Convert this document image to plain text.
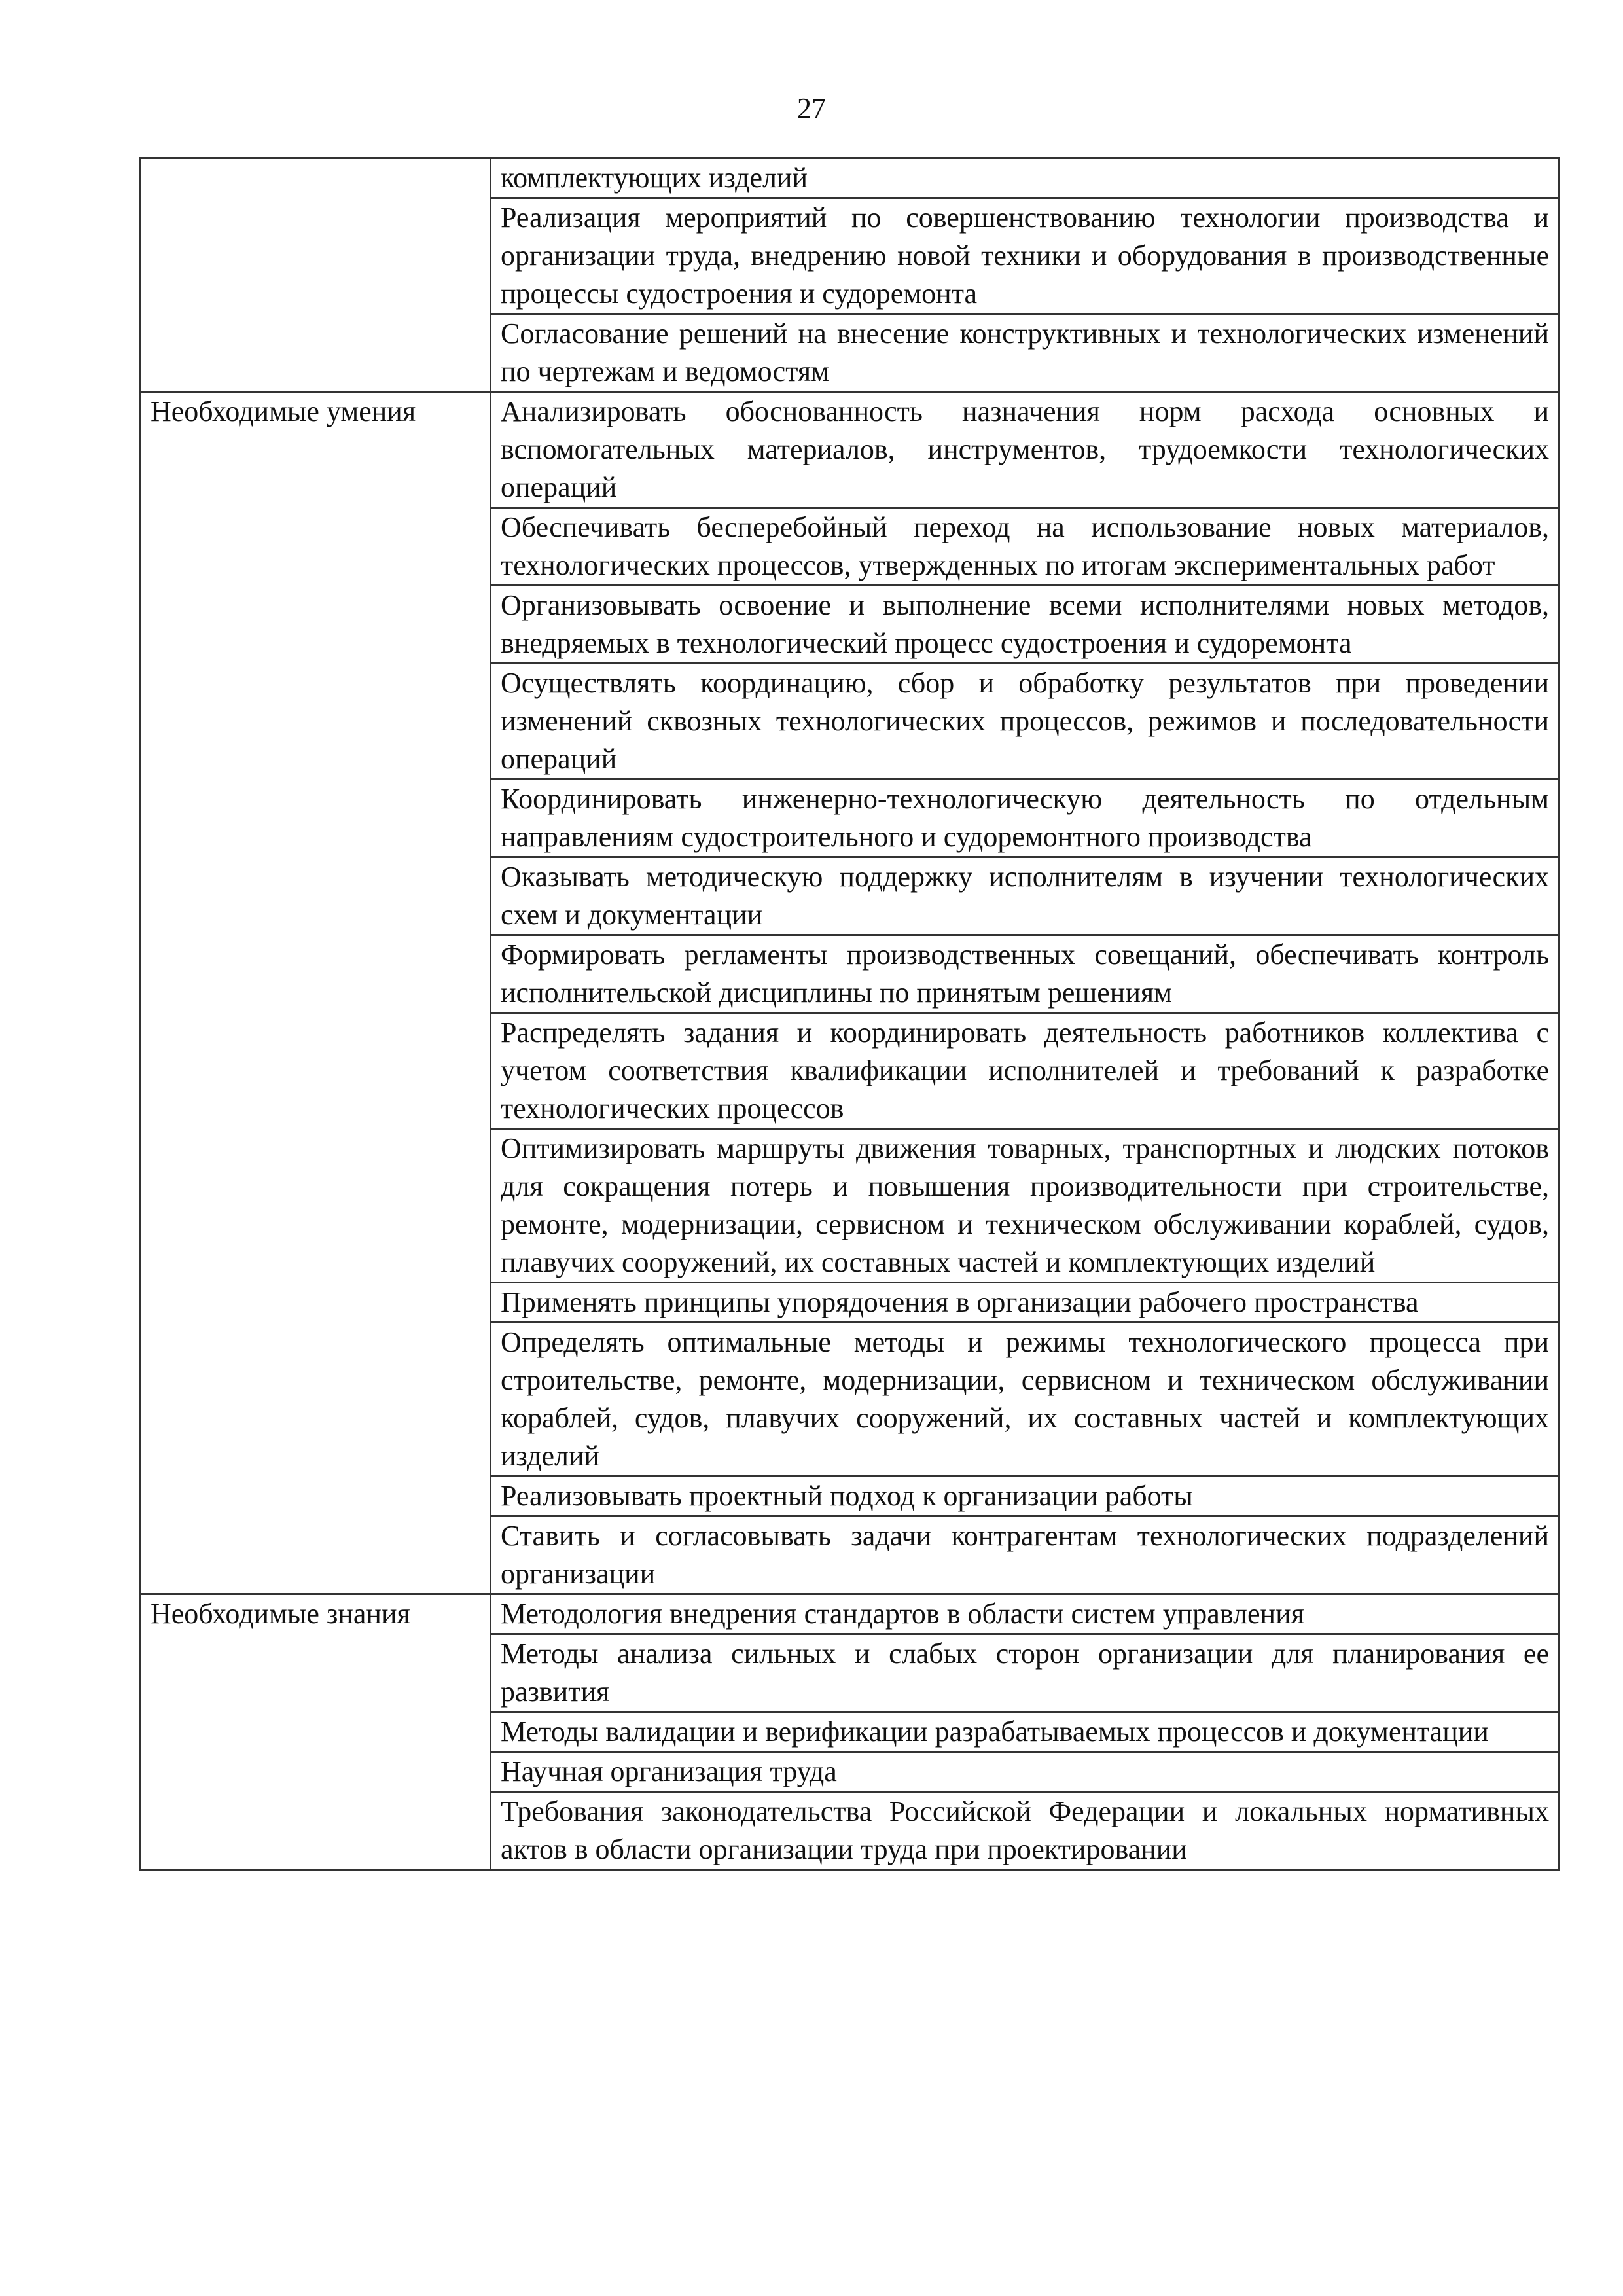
27
	комплектующих изделий
	Реализация мероприятий по совершенствованию технологии производства и организации труда, внедрению новой техники и оборудования в производственные процессы судостроения и судоремонта
	Согласование решений на внесение конструктивных и технологических изменений по чертежам и ведомостям
Необходимые умения	Анализировать обоснованность назначения норм расхода основных и вспомогательных материалов, инструментов, трудоемкости технологических операций
	Обеспечивать бесперебойный переход на использование новых материалов, технологических процессов, утвержденных по итогам экспериментальных работ
	Организовывать освоение и выполнение всеми исполнителями новых методов, внедряемых в технологический процесс судостроения и судоремонта
	Осуществлять координацию, сбор и обработку результатов при проведении изменений сквозных технологических процессов, режимов и последовательности операций
	Координировать инженерно-технологическую деятельность по отдельным направлениям судостроительного и судоремонтного производства
	Оказывать методическую поддержку исполнителям в изучении технологических схем и документации
	Формировать регламенты производственных совещаний, обеспечивать контроль исполнительской дисциплины по принятым решениям
	Распределять задания и координировать деятельность работников коллектива с учетом соответствия квалификации исполнителей и требований к разработке технологических процессов
	Оптимизировать маршруты движения товарных, транспортных и людских потоков для сокращения потерь и повышения производительности при строительстве, ремонте, модернизации, сервисном и техническом обслуживании кораблей, судов, плавучих сооружений, их составных частей и комплектующих изделий
	Применять принципы упорядочения в организации рабочего пространства
	Определять оптимальные методы и режимы технологического процесса при строительстве, ремонте, модернизации, сервисном и техническом обслуживании кораблей, судов, плавучих сооружений, их составных частей и комплектующих изделий
	Реализовывать проектный подход к организации работы
	Ставить и согласовывать задачи контрагентам технологических подразделений организации
Необходимые знания	Методология внедрения стандартов в области систем управления
	Методы анализа сильных и слабых сторон организации для планирования ее развития
	Методы валидации и верификации разрабатываемых процессов и документации
	Научная организация труда
	Требования законодательства Российской Федерации и локальных нормативных актов в области организации труда при проектировании
